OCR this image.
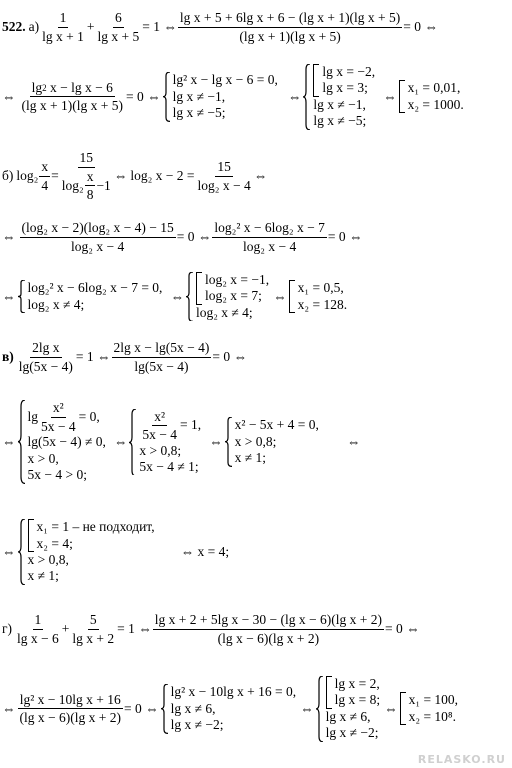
522. $а) \frac{1}{\text{lg x + 1}} + \frac{6}{\text{lg x + 5}} = 1$ ⇔ $\frac{\text{lg x + 5 + 6lg x + 6 − (lg x + 1)(lg x + 5)}}{\text{(lg x + 1)(lg x + 5)}} = 0$ ⇔
⇔ $\frac{\text{lg 2 x − lg x − 6}}{\text{(lg x + 1)(lg x + 5)}} = 0$ ⇔
lg² x − lg x − 6 = 0,
lg x ≠ −1,
lg x ≠ −5;
⇔
lg x = −2,
lg x = 3;
lg x ≠ −1,
lg x ≠ −5;
⇔
x₁ = 0,01,
x₂ = 1000.
б) $\log_2 \frac{x}{4} = \frac{15}{\log_2 \frac{x}{8} -1}$ ⇔ log₂ $x - 2 = \frac{15}{\text{log₂ x − 4}}$ ⇔
⇔ $\frac{\text{(log₂ x − 2)(log₂ x − 4) − 15}}{\text{log₂ x − 4}} = 0$ ⇔ $\frac{\text{log₂² x − 6log₂ x − 7}}{\text{log₂ x − 4}} = 0$ ⇔
⇔
log₂² x − 6log₂ x − 7 = 0,
log₂ x ≠ 4;
⇔
log₂ x = −1,
log₂ x = 7;
log₂ x ≠ 4;
⇔
x₁ = 0,5,
x₂ = 128.
$в) \frac{\text{2lg x}}{\lg(5x - 4)} = 1$ ⇔ $\frac{\text{2lg x − lg(5x − 4)}}{\lg(5x - 4)} = 0$ ⇔
⇔
$\lg \frac{\text{x²}}{5x - 4} = 0$,
lg(5x − 4) ≠ 0,
x > 0,
5x − 4 > 0;
⇔ $\frac{\text{x²}}{5x - 4} = 1$,
x > 0,8;
5x − 4 ≠ 1;
⇔
x² − 5x + 4 = 0,
x > 0,8;
x ≠ 1;
⇔
⇔
x₁ = 1 – не подходит,
x₂ = 4;
x > 0,8,
x ≠ 1;
⇔ x = 4;
$г) \frac{1}{\text{lg x − 6}} + \frac{5}{\text{lg x + 2}} = 1$ ⇔ $\frac{\text{lg x + 2 + 5lg x − 30 − (lg x − 6)(lg x + 2)}}{\text{(lg x − 6)(lg x + 2)}} = 0$ ⇔
⇔ $\frac{\text{lg² x − 10lg x + 16}}{\text{(lg x − 6)(lg x + 2)}} = 0$ ⇔
lg² x − 10lg x + 16 = 0,
lg x ≠ 6,
lg x ≠ −2;
⇔
lg x = 2,
lg x = 8;
lg x ≠ 6,
lg x ≠ −2;
⇔
x₁ = 100,
x₂ = 10⁸.
RELASKO.RU
